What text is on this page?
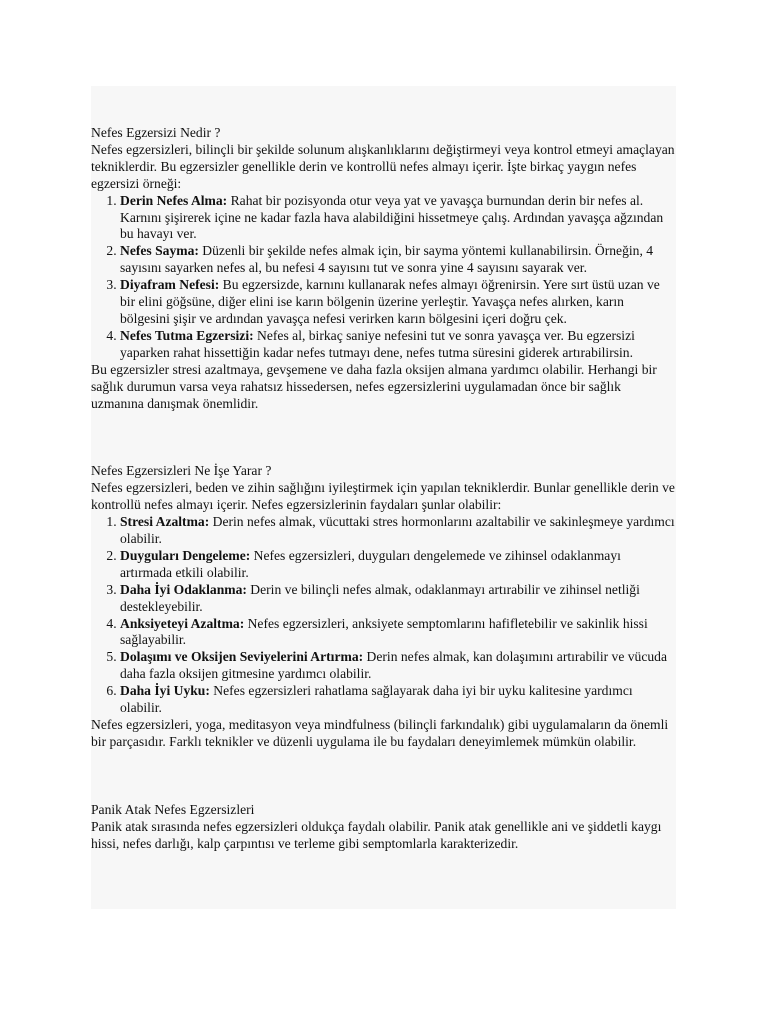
Nefes Egzersizi Nedir ?

Nefes egzersizleri, bilinçli bir şekilde solunum alışkanlıklarını değiştirmeyi veya kontrol etmeyi amaçlayan tekniklerdir. Bu egzersizler genellikle derin ve kontrollü nefes almayı içerir. İşte birkaç yaygın nefes egzersizi örneği:

1. Derin Nefes Alma: Rahat bir pozisyonda otur veya yat ve yavaşça burnundan derin bir nefes al. Karnını şişirerek içine ne kadar fazla hava alabildiğini hissetmeye çalış. Ardından yavaşça ağzından bu havayı ver.
2. Nefes Sayma: Düzenli bir şekilde nefes almak için, bir sayma yöntemi kullanabilirsin. Örneğin, 4 sayısını sayarken nefes al, bu nefesi 4 sayısını tut ve sonra yine 4 sayısını sayarak ver.
3. Diyafram Nefesi: Bu egzersizde, karnını kullanarak nefes almayı öğrenirsin. Yere sırt üstü uzan ve bir elini göğsüne, diğer elini ise karın bölgenin üzerine yerleştir. Yavaşça nefes alırken, karın bölgesini şişir ve ardından yavaşça nefesi verirken karın bölgesini içeri doğru çek.
4. Nefes Tutma Egzersizi: Nefes al, birkaç saniye nefesini tut ve sonra yavaşça ver. Bu egzersizi yaparken rahat hissettiğin kadar nefes tutmayı dene, nefes tutma süresini giderek artırabilirsin.

Bu egzersizler stresi azaltmaya, gevşemene ve daha fazla oksijen almana yardımcı olabilir. Herhangi bir sağlık durumun varsa veya rahatsız hissedersen, nefes egzersizlerini uygulamadan önce bir sağlık uzmanına danışmak önemlidir.

Nefes Egzersizleri Ne İşe Yarar ?

Nefes egzersizleri, beden ve zihin sağlığını iyileştirmek için yapılan tekniklerdir. Bunlar genellikle derin ve kontrollü nefes almayı içerir. Nefes egzersizlerinin faydaları şunlar olabilir:

1. Stresi Azaltma: Derin nefes almak, vücuttaki stres hormonlarını azaltabilir ve sakinleşmeye yardımcı olabilir.
2. Duyguları Dengeleme: Nefes egzersizleri, duyguları dengelemede ve zihinsel odaklanmayı artırmada etkili olabilir.
3. Daha İyi Odaklanma: Derin ve bilinçli nefes almak, odaklanmayı artırabilir ve zihinsel netliği destekleyebilir.
4. Anksiyeteyi Azaltma: Nefes egzersizleri, anksiyete semptomlarını hafifletebilir ve sakinlik hissi sağlayabilir.
5. Dolaşımı ve Oksijen Seviyelerini Artırma: Derin nefes almak, kan dolaşımını artırabilir ve vücuda daha fazla oksijen gitmesine yardımcı olabilir.
6. Daha İyi Uyku: Nefes egzersizleri rahatlama sağlayarak daha iyi bir uyku kalitesine yardımcı olabilir.

Nefes egzersizleri, yoga, meditasyon veya mindfulness (bilinçli farkındalık) gibi uygulamaların da önemli bir parçasıdır. Farklı teknikler ve düzenli uygulama ile bu faydaları deneyimlemek mümkün olabilir.

Panik Atak Nefes Egzersizleri

Panik atak sırasında nefes egzersizleri oldukça faydalı olabilir. Panik atak genellikle ani ve şiddetli kaygı hissi, nefes darlığı, kalp çarpıntısı ve terleme gibi semptomlarla karakterizedir.
